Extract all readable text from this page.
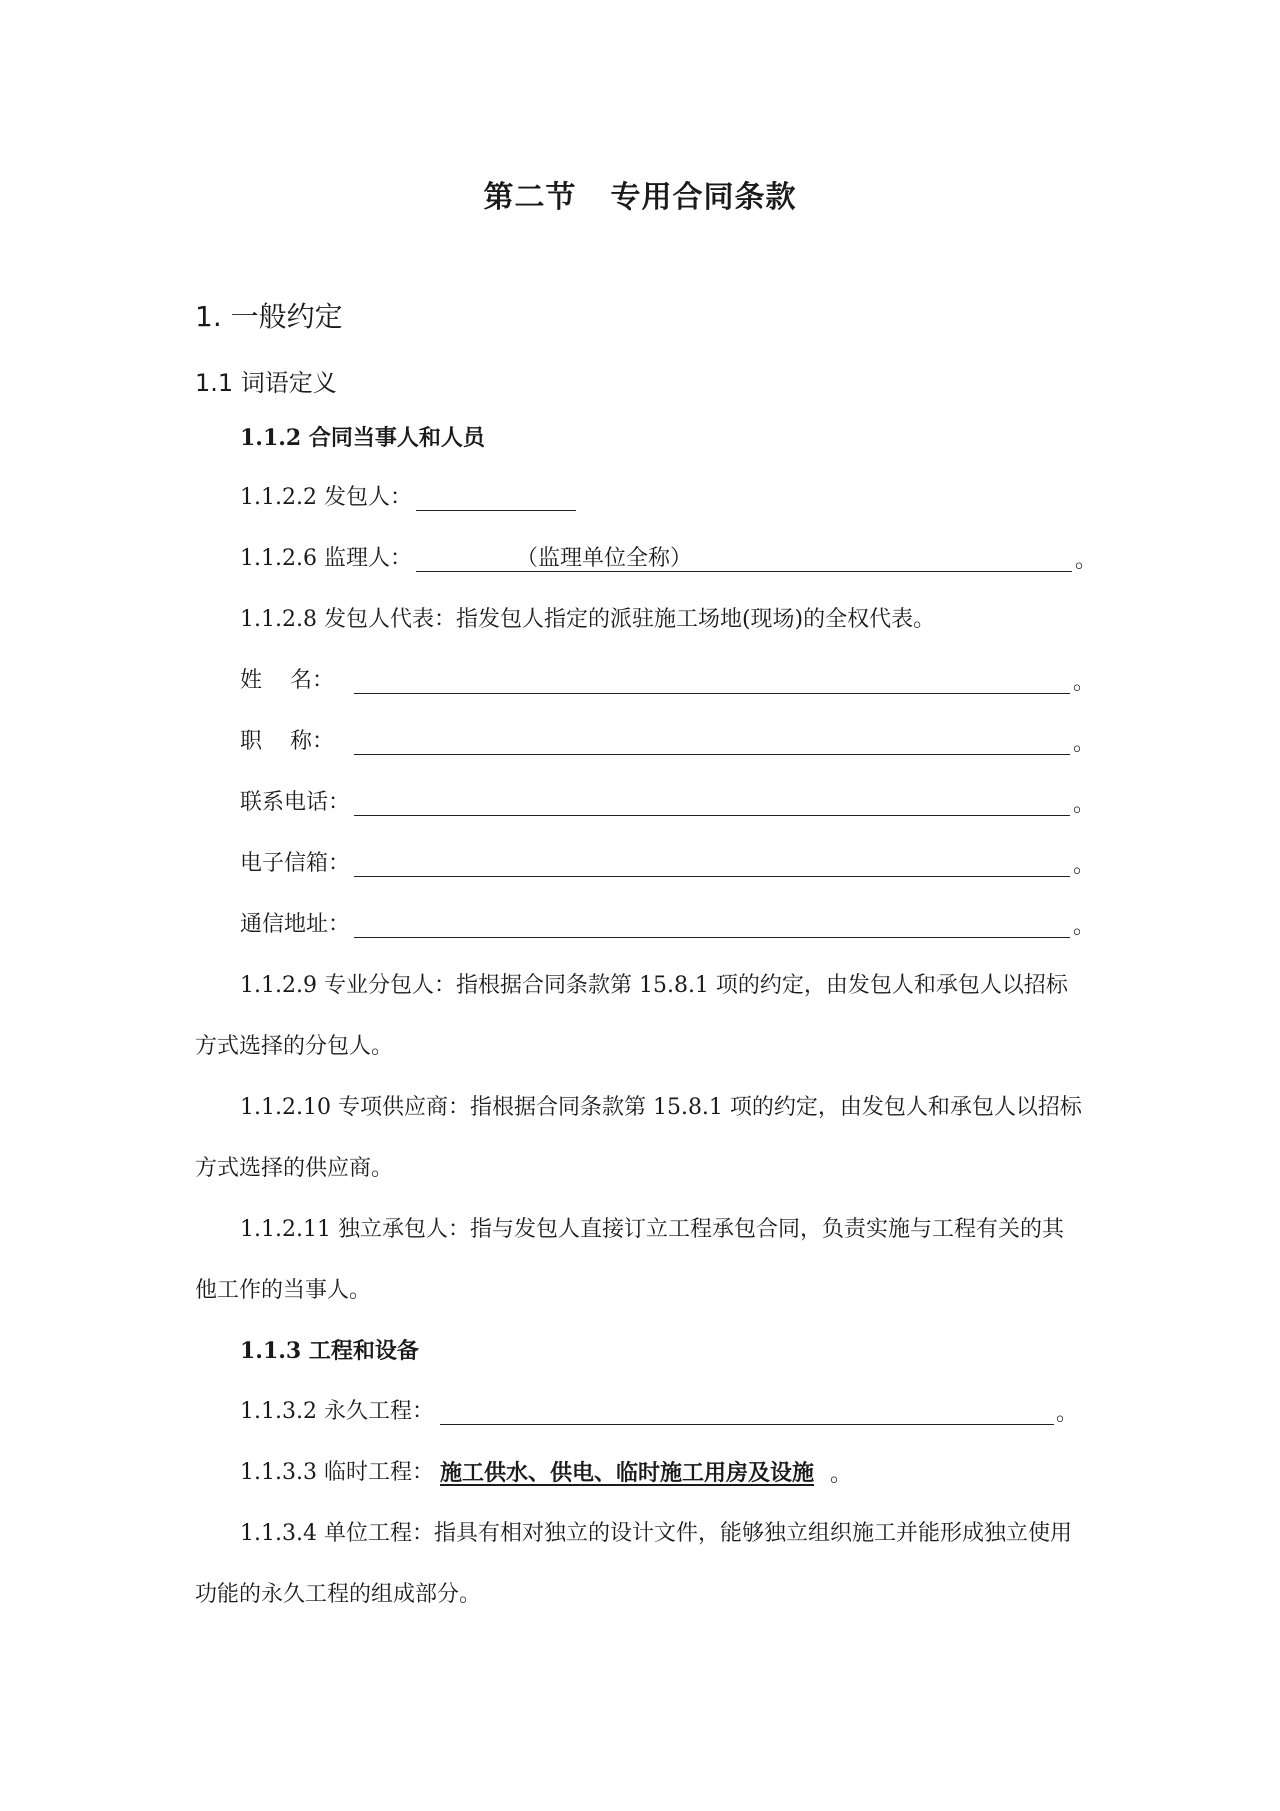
第二节 专用合同条款
1. 一般约定
1.1 词语定义
1.1.2 合同当事人和人员
1.1.2.2 发包人：
1.1.2.6 监理人：	（监理单位全称）	。
1.1.2.8 发包人代表：指发包人指定的派驻施工场地(现场)的全权代表。
姓 名：	。
职 称：	。
联系电话：	。
电子信箱：	。
通信地址：	。
1.1.2.9 专业分包人：指根据合同条款第 15.8.1 项的约定，由发包人和承包人以招标
方式选择的分包人。
1.1.2.10 专项供应商：指根据合同条款第 15.8.1 项的约定，由发包人和承包人以招标
方式选择的供应商。
1.1.2.11 独立承包人：指与发包人直接订立工程承包合同，负责实施与工程有关的其
他工作的当事人。
1.1.3 工程和设备
1.1.3.2 永久工程：	。
1.1.3.3 临时工程： 施工供水、供电、临时施工用房及设施 。
1.1.3.4 单位工程：指具有相对独立的设计文件，能够独立组织施工并能形成独立使用
功能的永久工程的组成部分。
